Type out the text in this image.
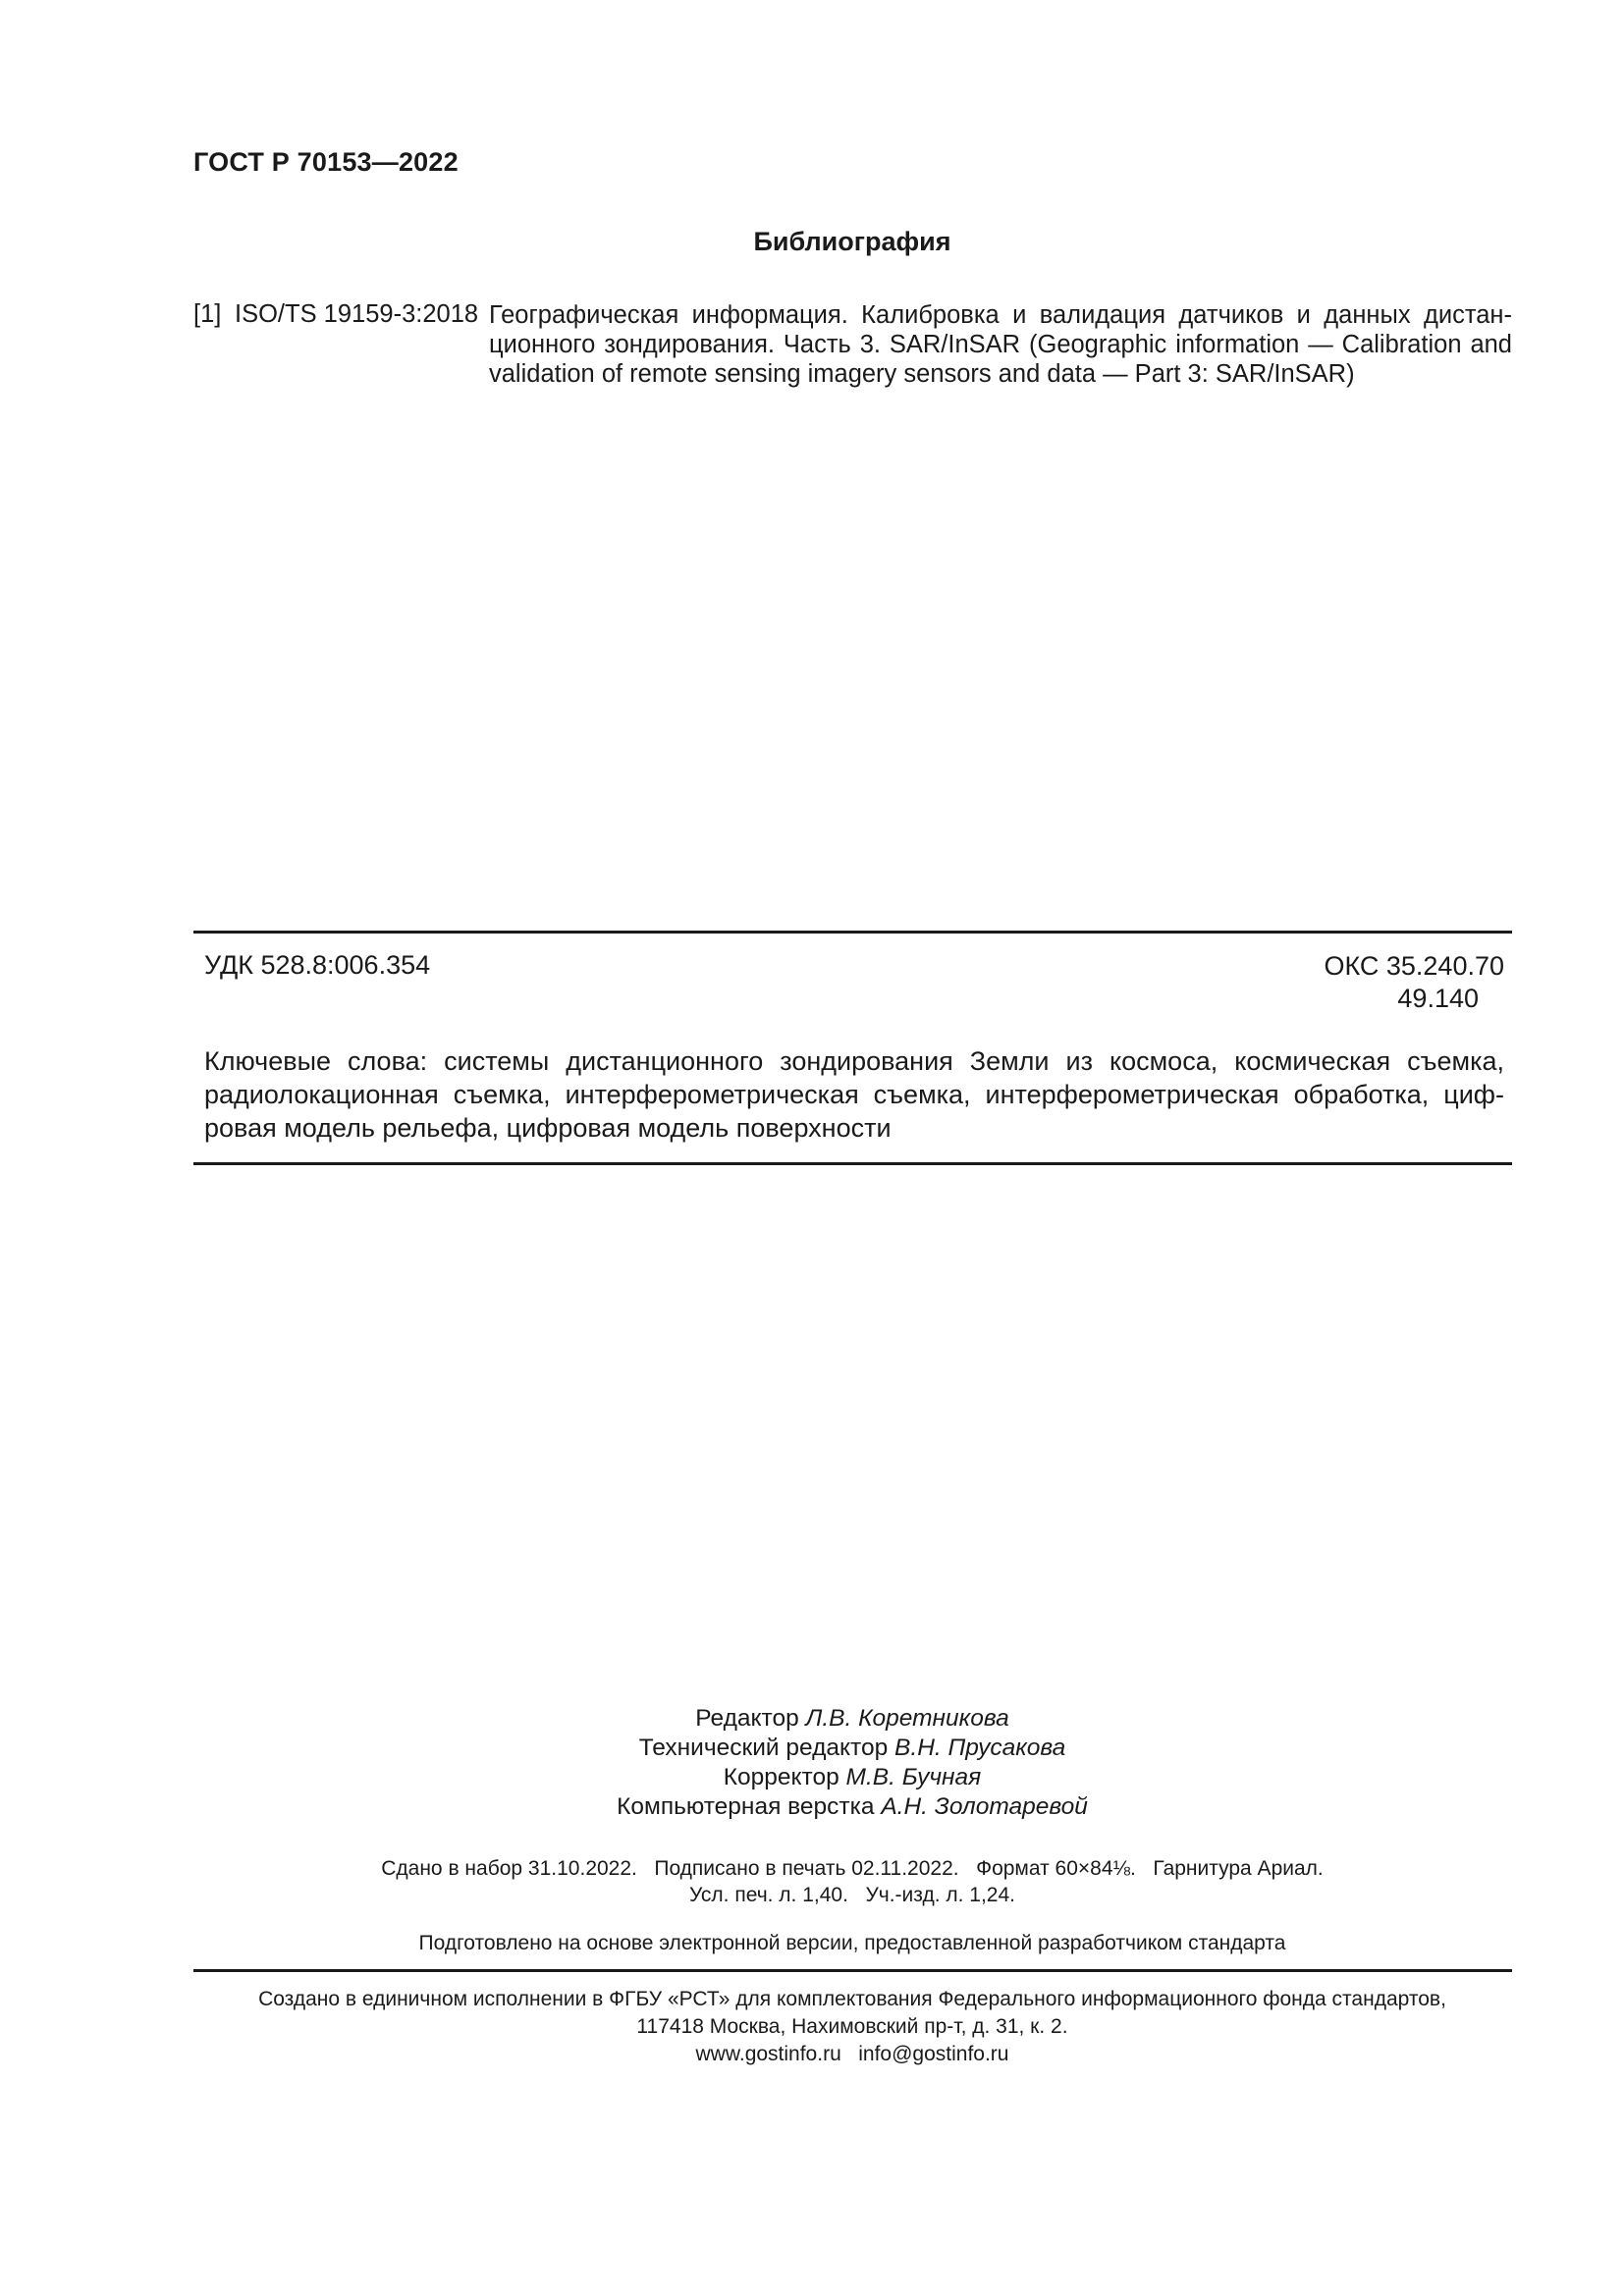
ГОСТ Р 70153—2022
Библиография
[1] ISO/TS 19159-3:2018 Географическая информация. Калибровка и валидация датчиков и данных дистан-
ционного зондирования. Часть 3. SAR/InSAR (Geographic information — Calibration and
validation of remote sensing imagery sensors and data — Part 3: SAR/InSAR)
УДК 528.8:006.354	ОКС 35.240.70
49.140
Ключевые слова: системы дистанционного зондирования Земли из космоса, космическая съемка,
радиолокационная съемка, интерферометрическая съемка, интерферометрическая обработка, циф-
ровая модель рельефа, цифровая модель поверхности
Редактор Л.В. Коретникова
Технический редактор В.Н. Прусакова
Корректор М.В. Бучная
Компьютерная верстка А.Н. Золотаревой
Сдано в набор 31.10.2022.   Подписано в печать 02.11.2022.   Формат 60×84⅛.   Гарнитура Ариал.
Усл. печ. л. 1,40.   Уч.-изд. л. 1,24.
Подготовлено на основе электронной версии, предоставленной разработчиком стандарта
Создано в единичном исполнении в ФГБУ «РСТ» для комплектования Федерального информационного фонда стандартов,
117418 Москва, Нахимовский пр-т, д. 31, к. 2.
www.gostinfo.ru   info@gostinfo.ru
